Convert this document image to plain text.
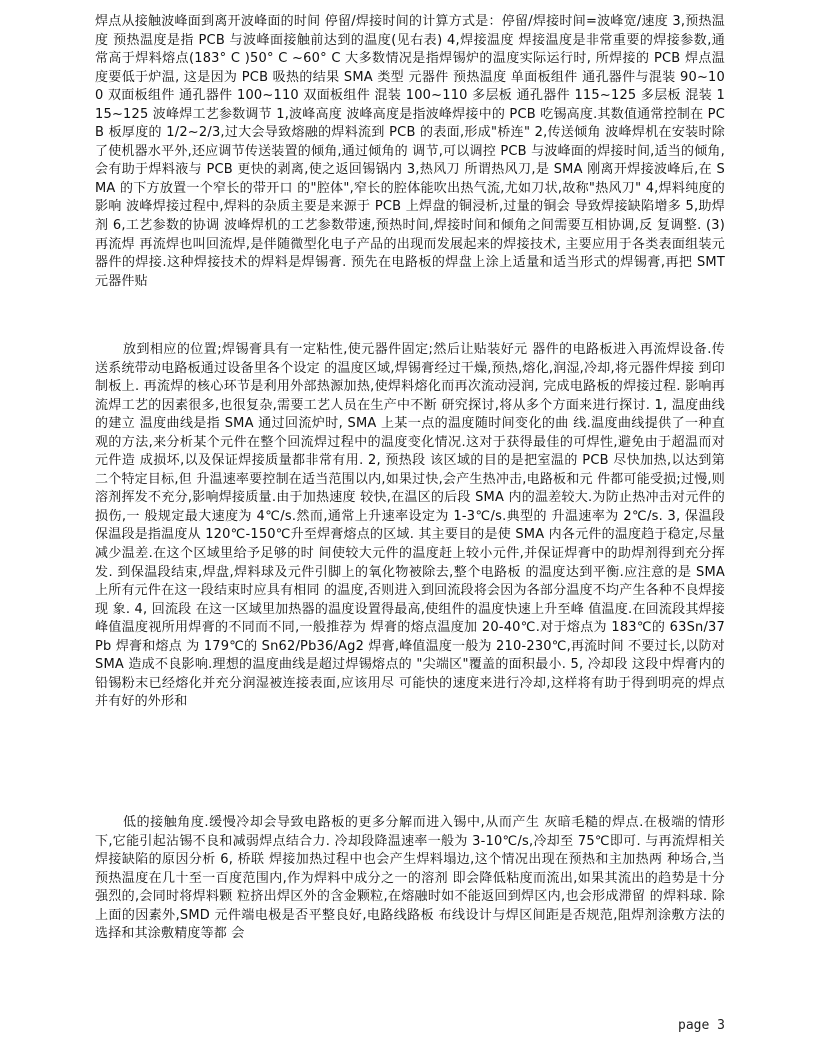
焊点从接触波峰面到离开波峰面的时间 停留/焊接时间的计算方式是：停留/焊接时间=波峰宽/速度 3,预热温度 预热温度是指 PCB 与波峰面接触前达到的温度(见右表) 4,焊接温度 焊接温度是非常重要的焊接参数,通常高于焊料熔点(183° C )50° C ~60° C 大多数情况是指焊锡炉的温度实际运行时, 所焊接的 PCB 焊点温度要低于炉温, 这是因为 PCB 吸热的结果 SMA 类型 元器件 预热温度 单面板组件 通孔器件与混装 90~100 双面板组件 通孔器件 100~110 双面板组件 混装 100~110 多层板 通孔器件 115~125 多层板 混装 115~125 波峰焊工艺参数调节 1,波峰高度 波峰高度是指波峰焊接中的 PCB 吃锡高度.其数值通常控制在 PCB 板厚度的 1/2~2/3,过大会导致熔融的焊料流到 PCB 的表面,形成"桥连" 2,传送倾角 波峰焊机在安装时除了使机器水平外,还应调节传送装置的倾角,通过倾角的 调节,可以调控 PCB 与波峰面的焊接时间,适当的倾角,会有助于焊料液与 PCB 更快的剥离,使之返回锡锅内 3,热风刀 所谓热风刀,是 SMA 刚离开焊接波峰后,在 SMA 的下方放置一个窄长的带开口 的"腔体",窄长的腔体能吹出热气流,尤如刀状,故称"热风刀" 4,焊料纯度的影响 波峰焊接过程中,焊料的杂质主要是来源于 PCB 上焊盘的铜浸析,过量的铜会 导致焊接缺陷增多 5,助焊剂 6,工艺参数的协调 波峰焊机的工艺参数带速,预热时间,焊接时间和倾角之间需要互相协调,反 复调整. (3)再流焊 再流焊也叫回流焊,是伴随微型化电子产品的出现而发展起来的焊接技术, 主要应用于各类表面组装元器件的焊接.这种焊接技术的焊料是焊锡膏. 预先在电路板的焊盘上涂上适量和适当形式的焊锡膏,再把 SMT 元器件贴

放到相应的位置;焊锡膏具有一定粘性,使元器件固定;然后让贴装好元 器件的电路板进入再流焊设备.传送系统带动电路板通过设备里各个设定 的温度区域,焊锡膏经过干燥,预热,熔化,润湿,冷却,将元器件焊接 到印制板上. 再流焊的核心环节是利用外部热源加热,使焊料熔化而再次流动浸润, 完成电路板的焊接过程. 影响再流焊工艺的因素很多,也很复杂,需要工艺人员在生产中不断 研究探讨,将从多个方面来进行探讨. 1, 温度曲线的建立 温度曲线是指 SMA 通过回流炉时, SMA 上某一点的温度随时间变化的曲 线.温度曲线提供了一种直观的方法,来分析某个元件在整个回流焊过程中的温度变化情况.这对于获得最佳的可焊性,避免由于超温而对元件造 成损坏,以及保证焊接质量都非常有用. 2, 预热段 该区域的目的是把室温的 PCB 尽快加热,以达到第二个特定目标,但 升温速率要控制在适当范围以内,如果过快,会产生热冲击,电路板和元 件都可能受损;过慢,则溶剂挥发不充分,影响焊接质量.由于加热速度 较快,在温区的后段 SMA 内的温差较大.为防止热冲击对元件的损伤,一 般规定最大速度为 4℃/s.然而,通常上升速率设定为 1-3℃/s.典型的 升温速率为 2℃/s. 3, 保温段 保温段是指温度从 120℃-150℃升至焊膏熔点的区域. 其主要目的是使 SMA 内各元件的温度趋于稳定,尽量减少温差.在这个区域里给予足够的时 间使较大元件的温度赶上较小元件,并保证焊膏中的助焊剂得到充分挥发. 到保温段结束,焊盘,焊料球及元件引脚上的氧化物被除去,整个电路板 的温度达到平衡.应注意的是 SMA 上所有元件在这一段结束时应具有相同 的温度,否则进入到回流段将会因为各部分温度不均产生各种不良焊接现 象. 4, 回流段 在这一区域里加热器的温度设置得最高,使组件的温度快速上升至峰 值温度.在回流段其焊接峰值温度视所用焊膏的不同而不同,一般推荐为 焊膏的熔点温度加 20-40℃.对于熔点为 183℃的 63Sn/37Pb 焊膏和熔点 为 179℃的 Sn62/Pb36/Ag2 焊膏,峰值温度一般为 210-230℃,再流时间 不要过长,以防对 SMA 造成不良影响.理想的温度曲线是超过焊锡熔点的 "尖端区"覆盖的面积最小. 5, 冷却段 这段中焊膏内的铅锡粉末已经熔化并充分润湿被连接表面,应该用尽 可能快的速度来进行冷却,这样将有助于得到明亮的焊点并有好的外形和

低的接触角度.缓慢冷却会导致电路板的更多分解而进入锡中,从而产生 灰暗毛糙的焊点.在极端的情形下,它能引起沾锡不良和减弱焊点结合力. 冷却段降温速率一般为 3-10℃/s,冷却至 75℃即可. 与再流焊相关焊接缺陷的原因分析 6, 桥联 焊接加热过程中也会产生焊料塌边,这个情况出现在预热和主加热两 种场合,当预热温度在几十至一百度范围内,作为焊料中成分之一的溶剂 即会降低粘度而流出,如果其流出的趋势是十分强烈的,会同时将焊料颗 粒挤出焊区外的含金颗粒,在熔融时如不能返回到焊区内,也会形成滞留 的焊料球. 除上面的因素外,SMD 元件端电极是否平整良好,电路线路板 布线设计与焊区间距是否规范,阻焊剂涂敷方法的选择和其涂敷精度等都 会

page 3
